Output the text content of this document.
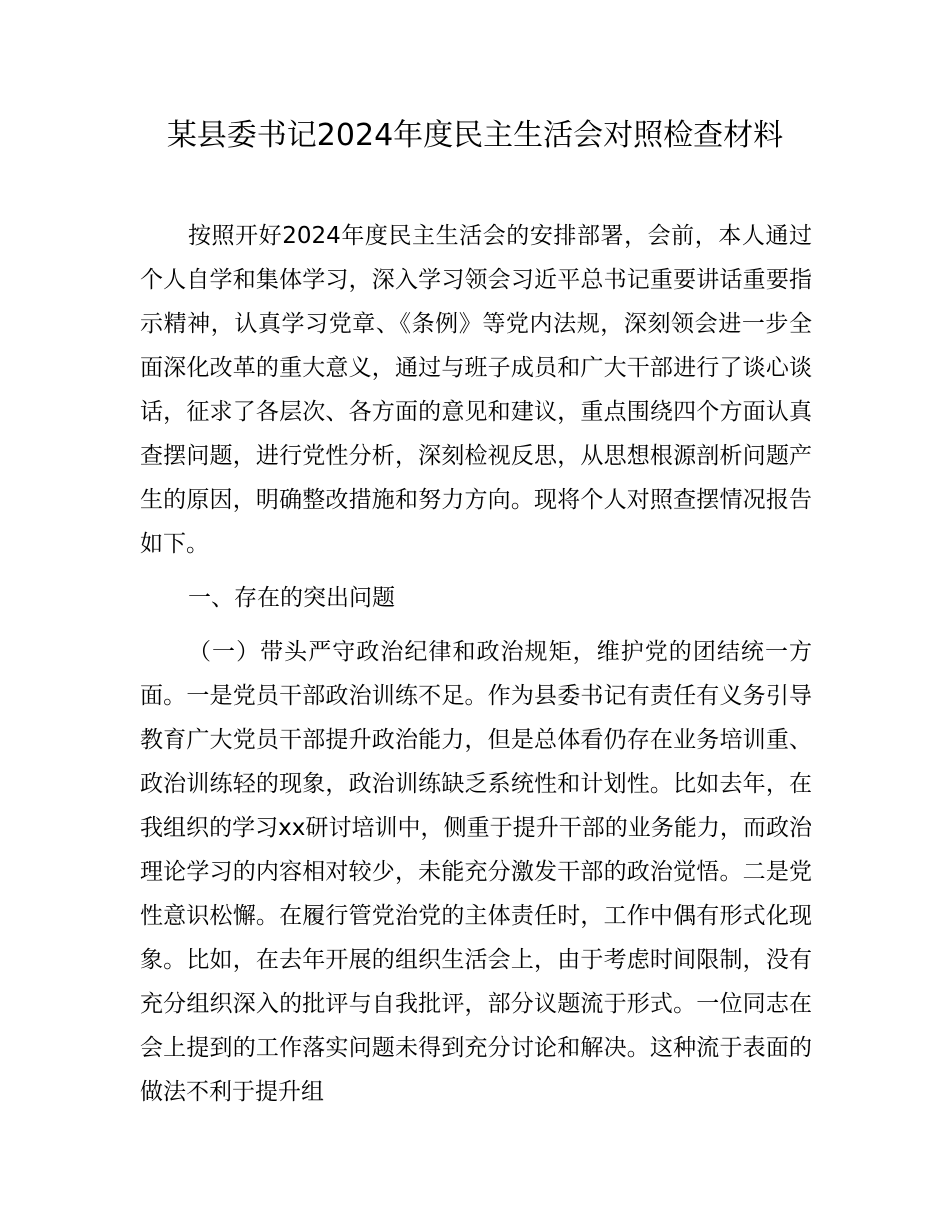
某县委书记2024年度民主生活会对照检查材料

按照开好2024年度民主生活会的安排部署，会前，本人通过个人自学和集体学习，深入学习领会习近平总书记重要讲话重要指示精神，认真学习党章、《条例》等党内法规，深刻领会进一步全面深化改革的重大意义，通过与班子成员和广大干部进行了谈心谈话，征求了各层次、各方面的意见和建议，重点围绕四个方面认真查摆问题，进行党性分析，深刻检视反思，从思想根源剖析问题产生的原因，明确整改措施和努力方向。现将个人对照查摆情况报告如下。

一、存在的突出问题

（一）带头严守政治纪律和政治规矩，维护党的团结统一方面。一是党员干部政治训练不足。作为县委书记有责任有义务引导教育广大党员干部提升政治能力，但是总体看仍存在业务培训重、政治训练轻的现象，政治训练缺乏系统性和计划性。比如去年，在我组织的学习xx研讨培训中，侧重于提升干部的业务能力，而政治理论学习的内容相对较少，未能充分激发干部的政治觉悟。二是党性意识松懈。在履行管党治党的主体责任时，工作中偶有形式化现象。比如，在去年开展的组织生活会上，由于考虑时间限制，没有充分组织深入的批评与自我批评，部分议题流于形式。一位同志在会上提到的工作落实问题未得到充分讨论和解决。这种流于表面的做法不利于提升组
